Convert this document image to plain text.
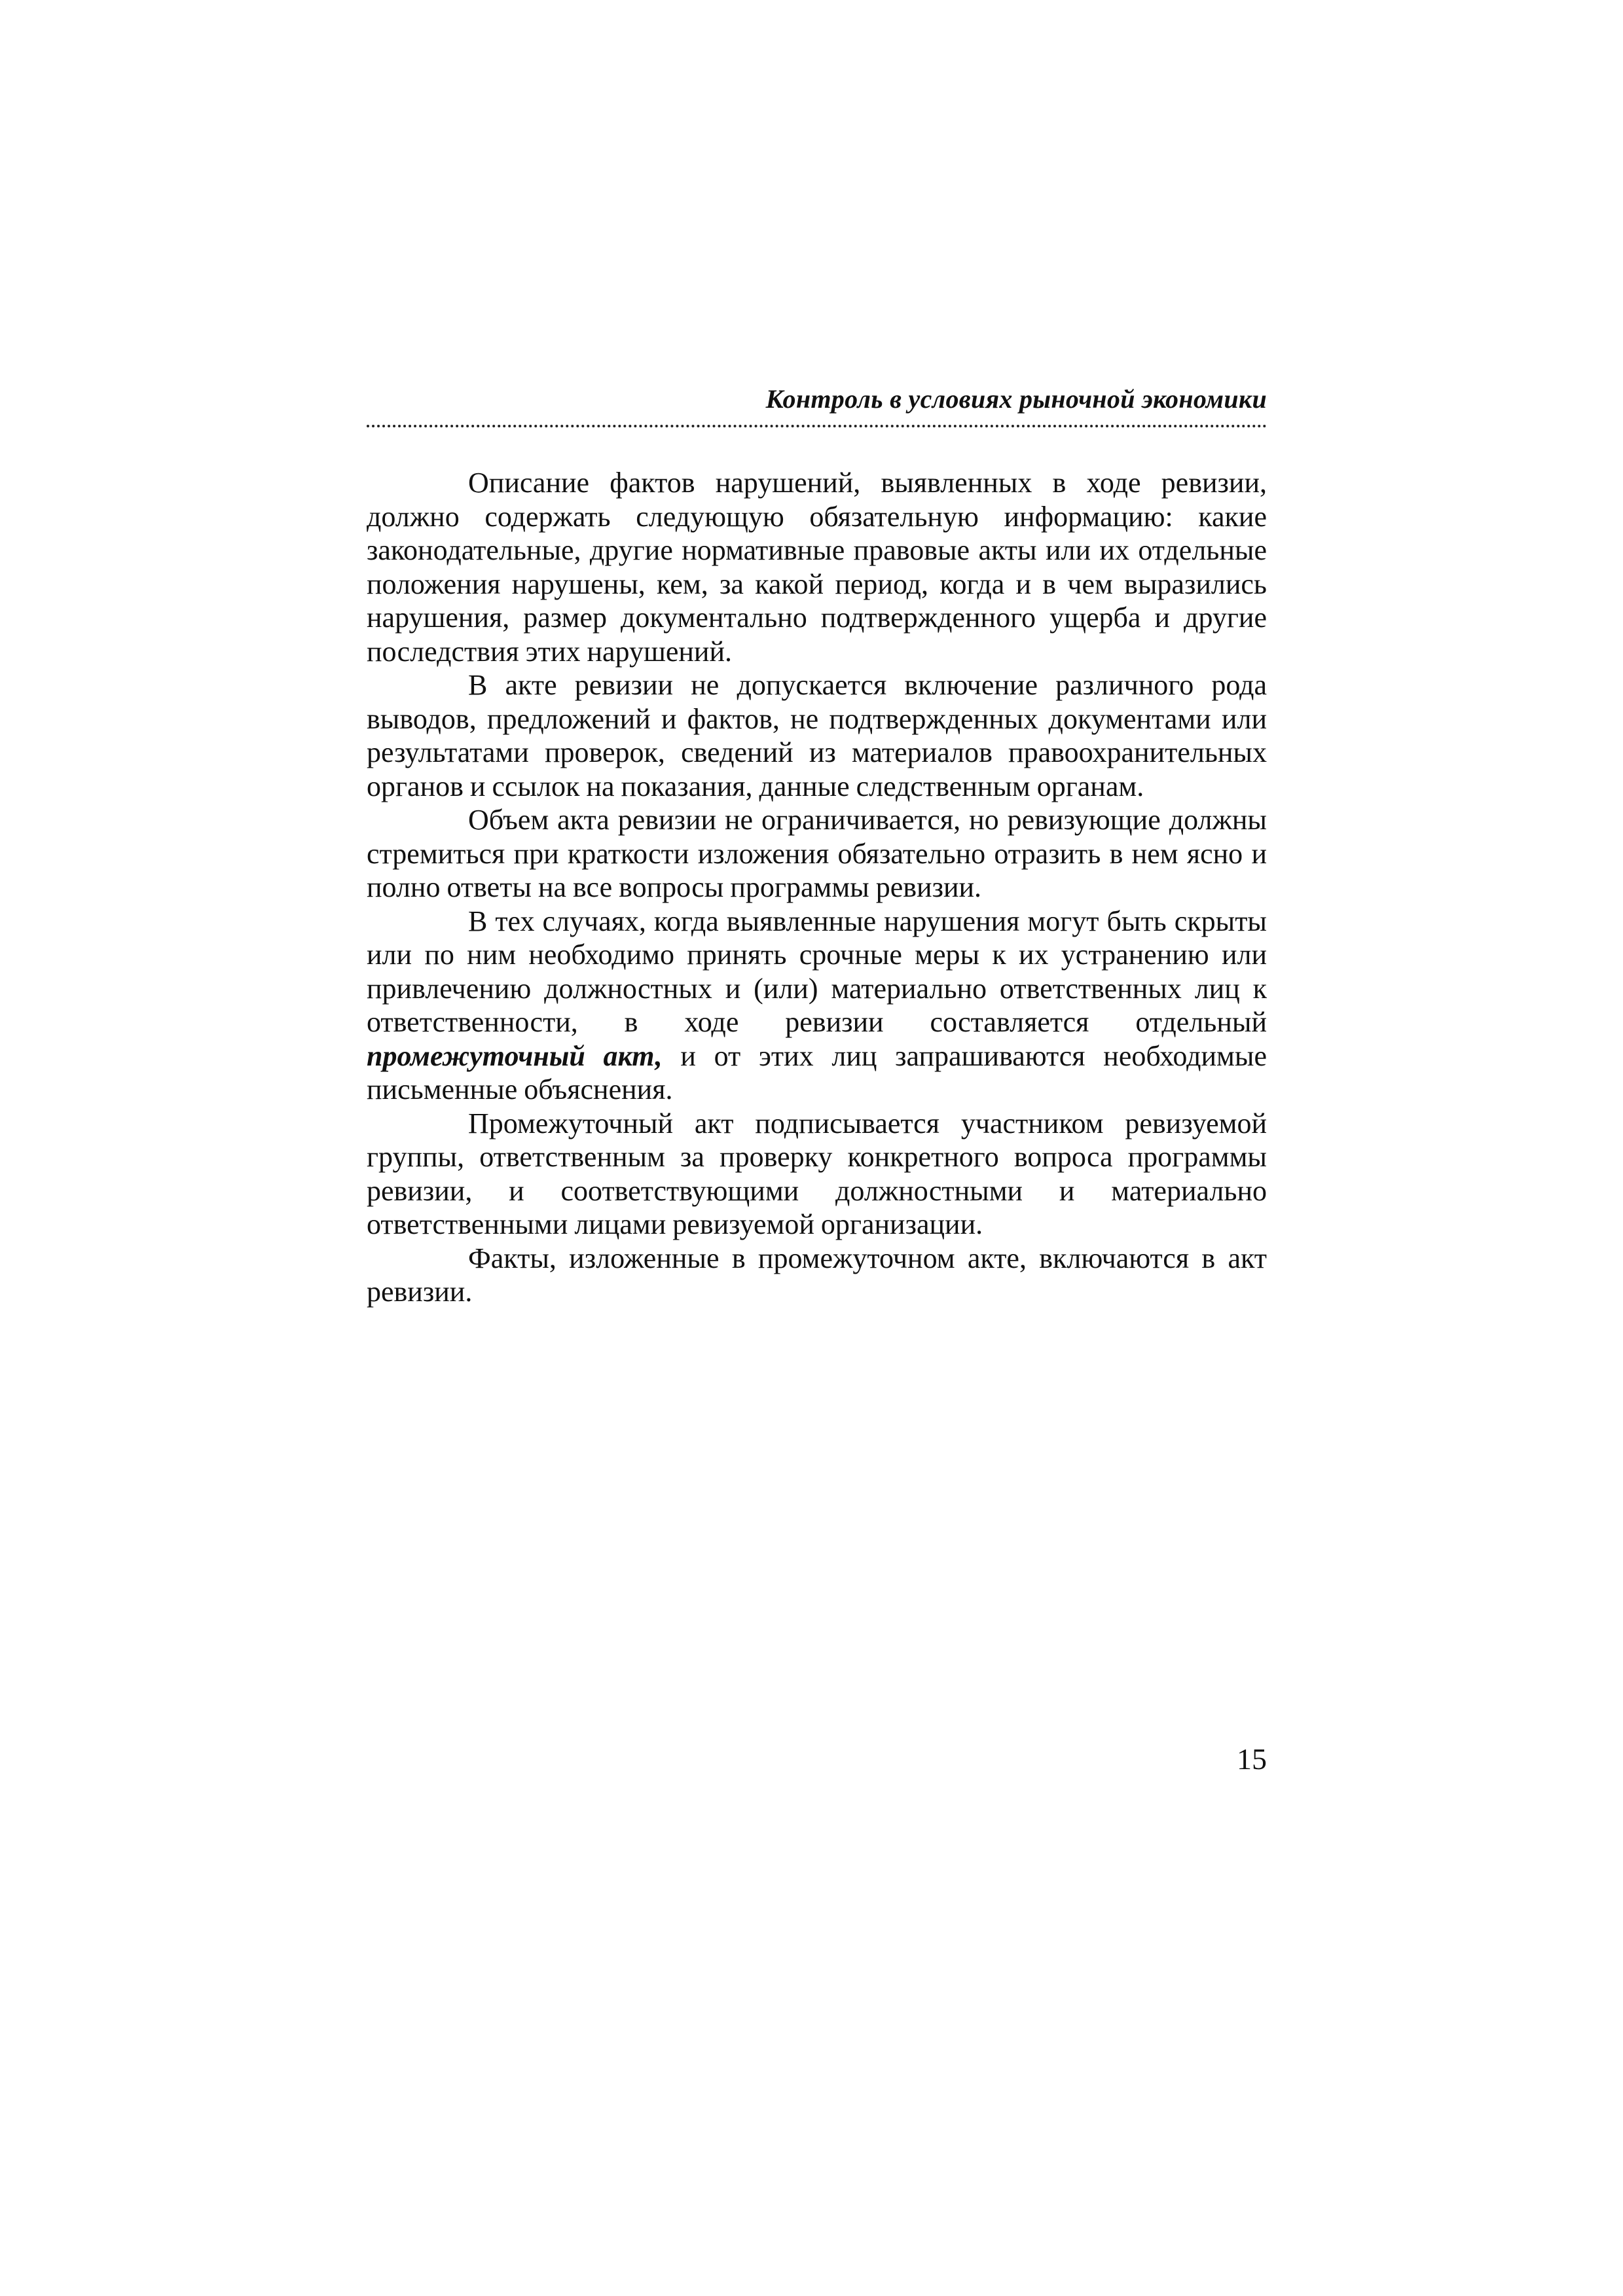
Контроль в условиях рыночной экономики

Описание фактов нарушений, выявленных в ходе ревизии, должно содержать следующую обязательную информацию: какие законодательные, другие нормативные правовые акты или их отдельные положения нарушены, кем, за какой период, когда и в чем выразились нарушения, размер документально подтвержденного ущерба и другие последствия этих нарушений.

В акте ревизии не допускается включение различного рода выводов, предложений и фактов, не подтвержденных документами или результатами проверок, сведений из материалов правоохранительных органов и ссылок на показания, данные следственным органам.

Объем акта ревизии не ограничивается, но ревизующие должны стремиться при краткости изложения обязательно отразить в нем ясно и полно ответы на все вопросы программы ревизии.

В тех случаях, когда выявленные нарушения могут быть скрыты или по ним необходимо принять срочные меры к их устранению или привлечению должностных и (или) материально ответственных лиц к ответственности, в ходе ревизии составляется отдельный промежуточный акт, и от этих лиц запрашиваются необходимые письменные объяснения.

Промежуточный акт подписывается участником ревизуемой группы, ответственным за проверку конкретного вопроса программы ревизии, и соответствующими должностными и материально ответственными лицами ревизуемой организации.

Факты, изложенные в промежуточном акте, включаются в акт ревизии.

15
